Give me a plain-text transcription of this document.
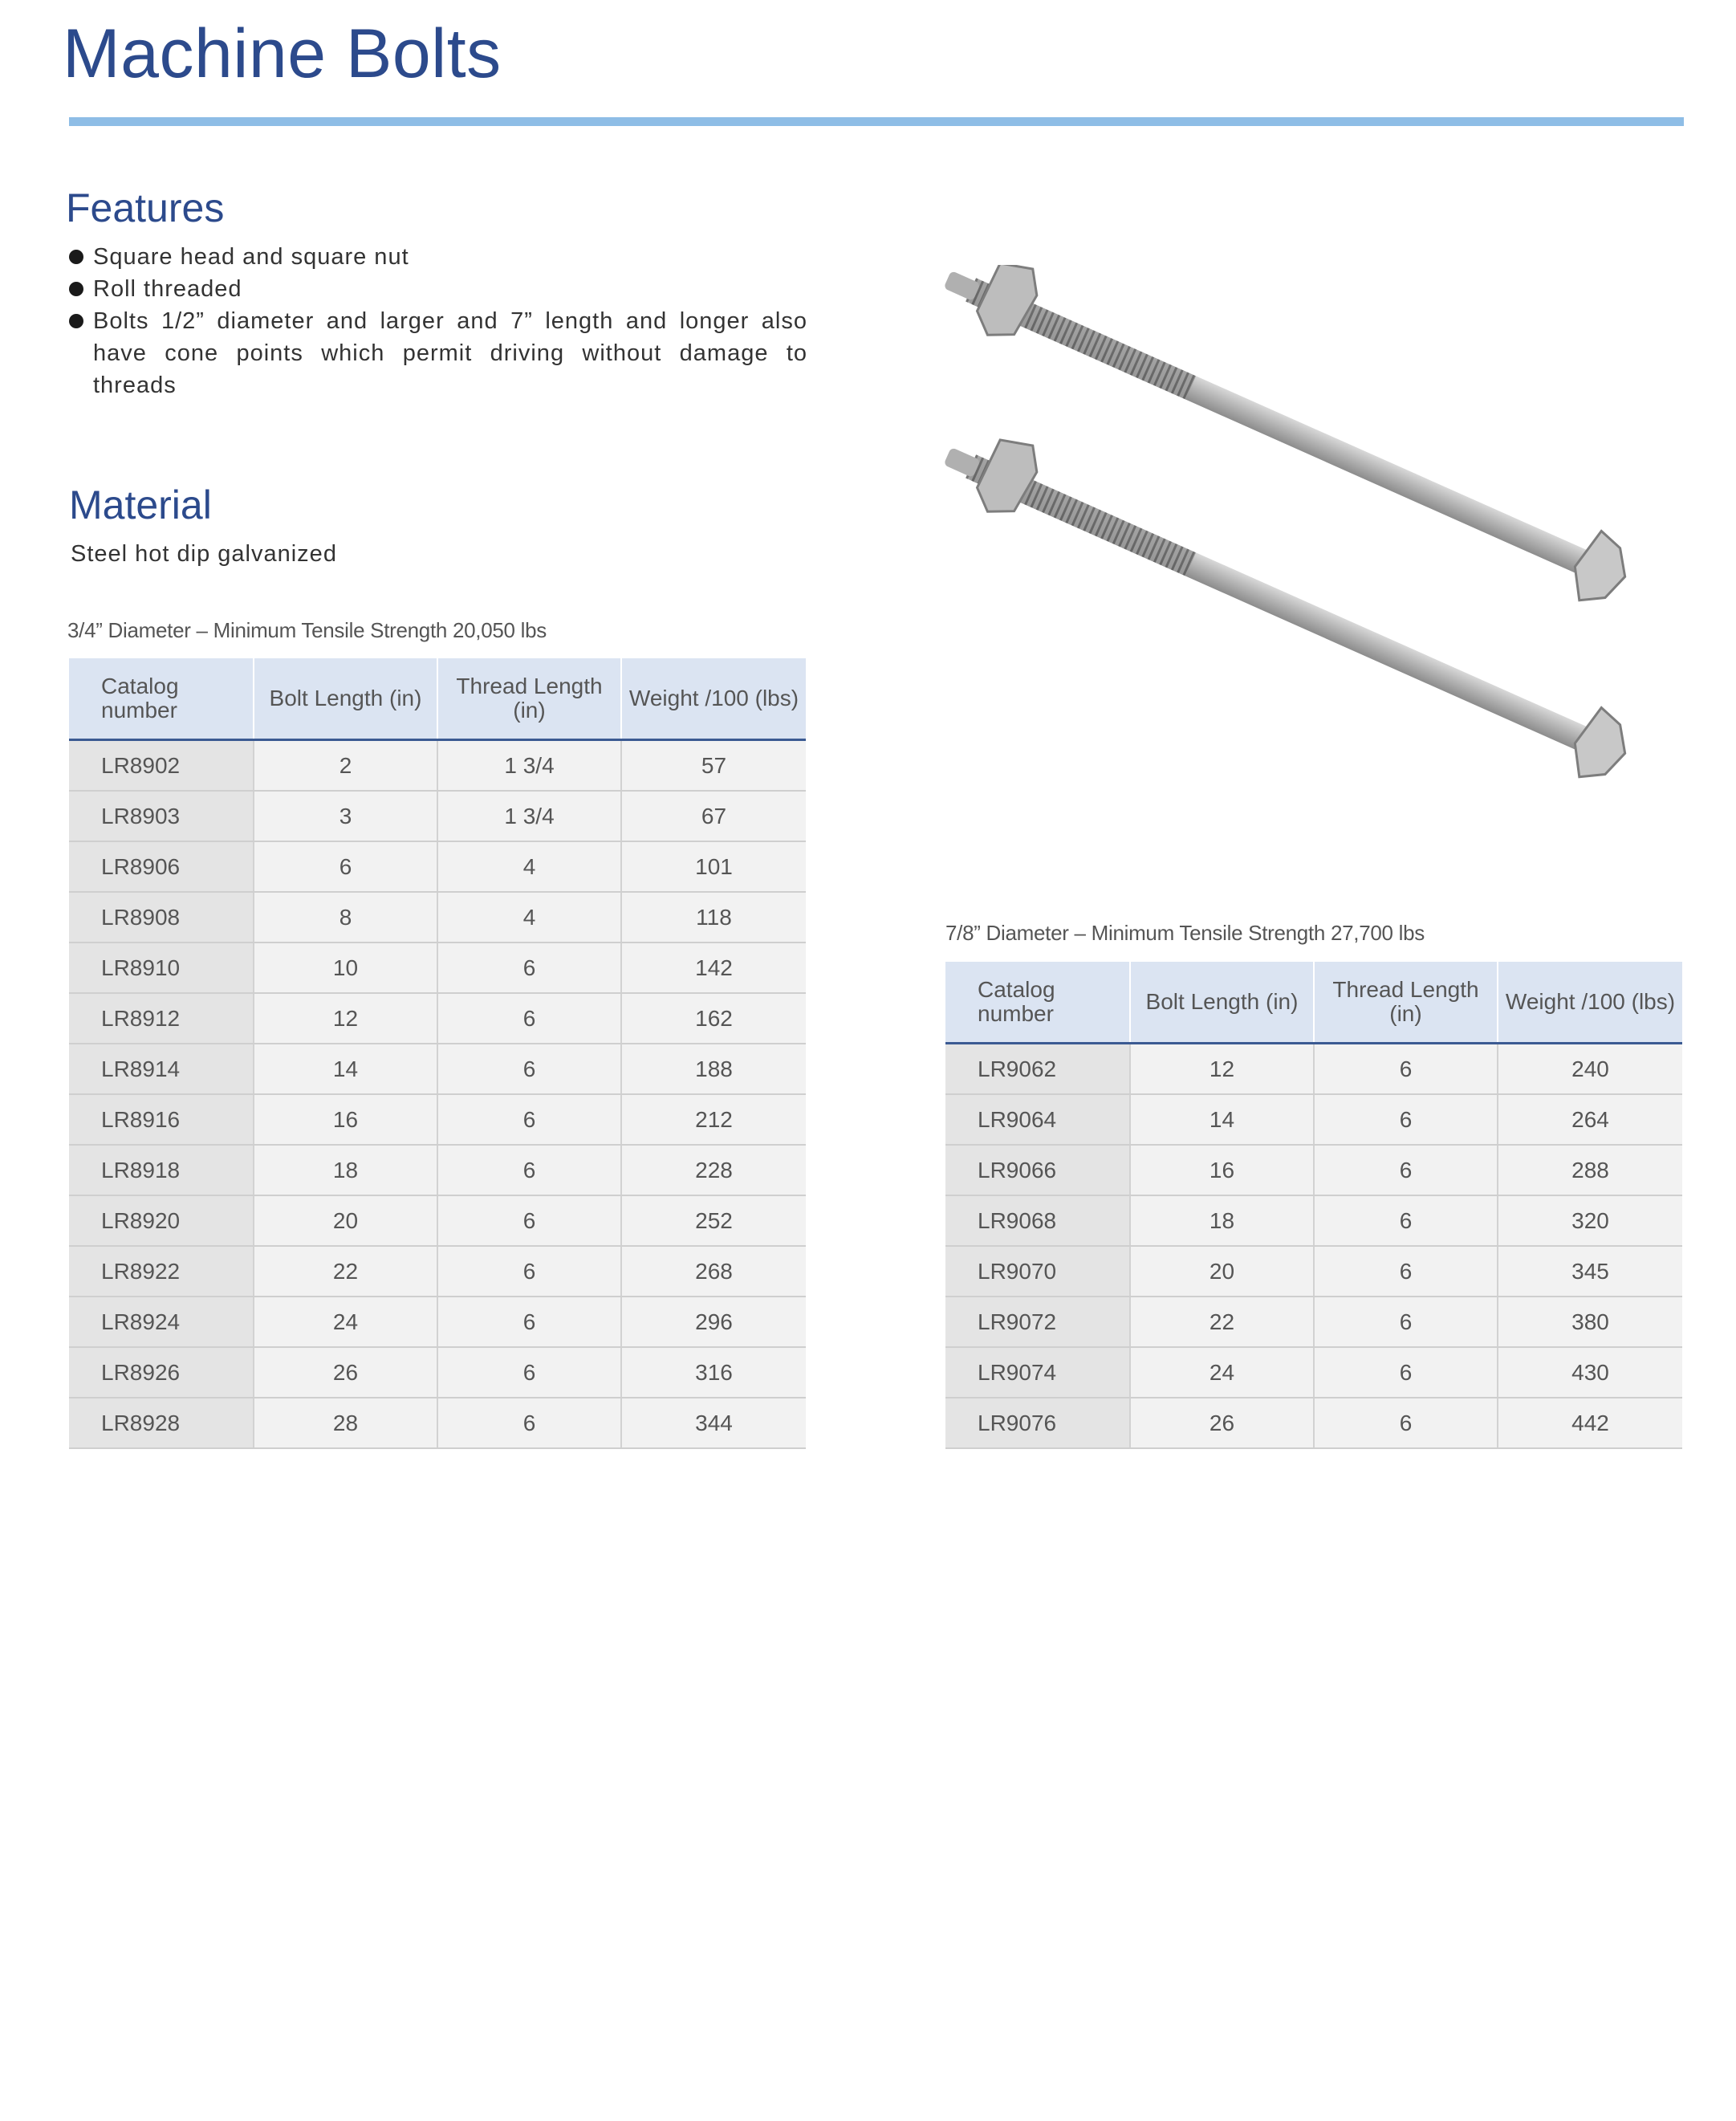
Machine Bolts
Features
Square head and square nut
Roll threaded
Bolts 1/2” diameter and larger and 7” length and longer also have cone points which permit driving without damage to threads
Material
Steel hot dip galvanized
3/4” Diameter – Minimum Tensile Strength 20,050 lbs
Catalog number	Bolt Length (in)	Thread Length (in)	Weight /100 (lbs)
LR8902	2	1 3/4	57
LR8903	3	1 3/4	67
LR8906	6	4	101
LR8908	8	4	118
LR8910	10	6	142
LR8912	12	6	162
LR8914	14	6	188
LR8916	16	6	212
LR8918	18	6	228
LR8920	20	6	252
LR8922	22	6	268
LR8924	24	6	296
LR8926	26	6	316
LR8928	28	6	344
7/8” Diameter – Minimum Tensile Strength 27,700 lbs
Catalog number	Bolt Length (in)	Thread Length (in)	Weight /100 (lbs)
LR9062	12	6	240
LR9064	14	6	264
LR9066	16	6	288
LR9068	18	6	320
LR9070	20	6	345
LR9072	22	6	380
LR9074	24	6	430
LR9076	26	6	442
